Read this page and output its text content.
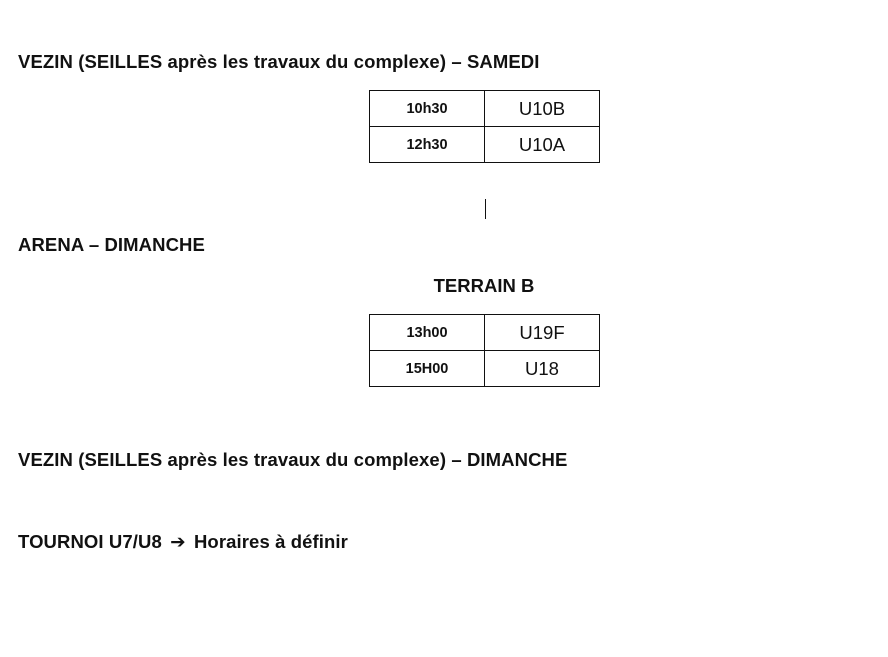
VEZIN (SEILLES après les travaux du complexe) – SAMEDI
10h30	U10B
12h30	U10A
ARENA – DIMANCHE
TERRAIN B
13h00	U19F
15H00	U18
VEZIN (SEILLES après les travaux du complexe) – DIMANCHE
TOURNOI U7/U8 ➔ Horaires à définir
